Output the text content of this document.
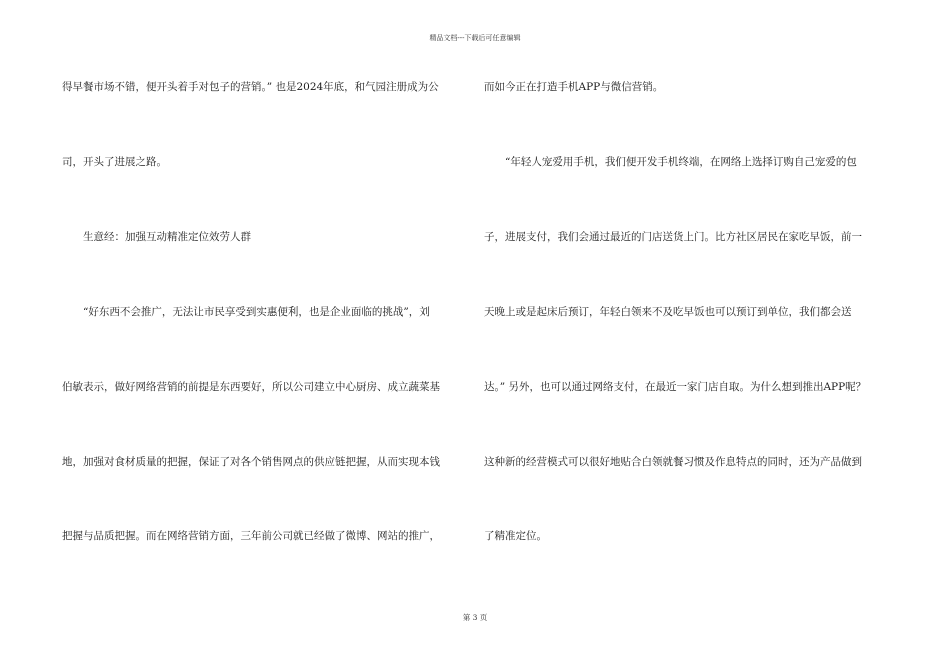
精品文档---下载后可任意编辑
得早餐市场不错，便开头着手对包子的营销。” 也是2024年底，和气园注册成为公
司，开头了进展之路。
　　生意经：加强互动精准定位效劳人群
　　“好东西不会推广，无法让市民享受到实惠便利，也是企业面临的挑战”，刘
伯敏表示，做好网络营销的前提是东西要好，所以公司建立中心厨房、成立蔬菜基
地，加强对食材质量的把握，保证了对各个销售网点的供应链把握，从而实现本钱
把握与品质把握。而在网络营销方面，三年前公司就已经做了微博、网站的推广，
而如今正在打造手机APP与微信营销。
　　“年轻人宠爱用手机，我们便开发手机终端，在网络上选择订购自己宠爱的包
子，进展支付，我们会通过最近的门店送货上门。比方社区居民在家吃早饭，前一
天晚上或是起床后预订，年轻白领来不及吃早饭也可以预订到单位，我们都会送
达。” 另外，也可以通过网络支付，在最近一家门店自取。为什么想到推出APP呢？
这种新的经营模式可以很好地贴合白领就餐习惯及作息特点的同时，还为产品做到
了精准定位。
第 3 页
